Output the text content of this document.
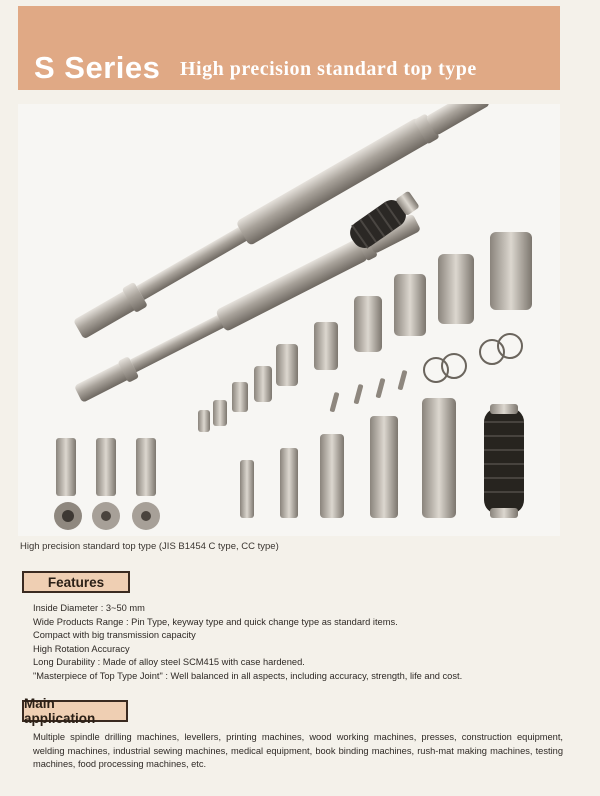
S Series High precision standard top type
High precision standard top type (JIS B1454 C type, CC type)
Features
Inside Diameter : 3~50 mm
Wide Products Range : Pin Type, keyway type and quick change type as standard items.
Compact with big transmission capacity
High Rotation Accuracy
Long Durability : Made of alloy steel SCM415 with case hardened.
"Masterpiece of Top Type Joint" : Well balanced in all aspects, including accuracy, strength, life and cost.
Main application

Multiple spindle drilling machines, levellers, printing machines, wood working machines, presses, construction equipment, welding machines, industrial sewing machines, medical equipment, book binding machines, rush-mat making machines, testing machines, food processing machines, etc.
